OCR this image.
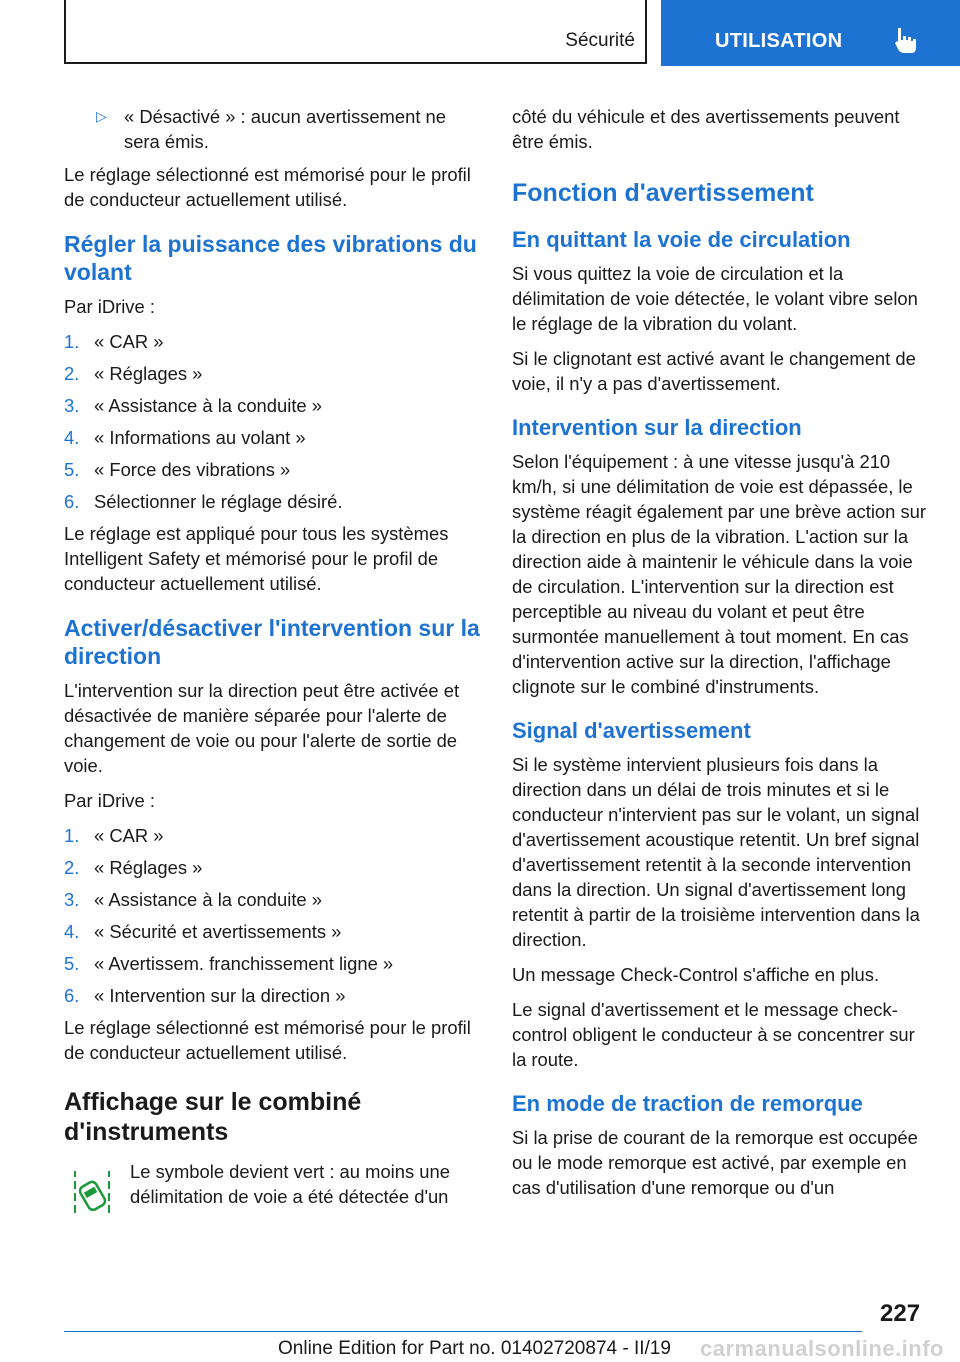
Sécurité	UTILISATION
▷ « Désactivé » : aucun avertissement ne sera émis.

Le réglage sélectionné est mémorisé pour le profil de conducteur actuellement utilisé.

Régler la puissance des vibrations du volant

Par iDrive :

1. « CAR »
2. « Réglages »
3. « Assistance à la conduite »
4. « Informations au volant »
5. « Force des vibrations »
6. Sélectionner le réglage désiré.

Le réglage est appliqué pour tous les systèmes Intelligent Safety et mémorisé pour le profil de conducteur actuellement utilisé.

Activer/désactiver l'intervention sur la direction

L'intervention sur la direction peut être activée et désactivée de manière séparée pour l'alerte de changement de voie ou pour l'alerte de sortie de voie.

Par iDrive :

1. « CAR »
2. « Réglages »
3. « Assistance à la conduite »
4. « Sécurité et avertissements »
5. « Avertissem. franchissement ligne »
6. « Intervention sur la direction »

Le réglage sélectionné est mémorisé pour le profil de conducteur actuellement utilisé.

Affichage sur le combiné d'instruments

Le symbole devient vert : au moins une délimitation de voie a été détectée d'un

côté du véhicule et des avertissements peuvent être émis.

Fonction d'avertissement
En quittant la voie de circulation

Si vous quittez la voie de circulation et la délimitation de voie détectée, le volant vibre selon le réglage de la vibration du volant.

Si le clignotant est activé avant le changement de voie, il n'y a pas d'avertissement.

Intervention sur la direction

Selon l'équipement : à une vitesse jusqu'à 210 km/h, si une délimitation de voie est dépassée, le système réagit également par une brève action sur la direction en plus de la vibration. L'action sur la direction aide à maintenir le véhicule dans la voie de circulation. L'intervention sur la direction est perceptible au niveau du volant et peut être surmontée manuellement à tout moment. En cas d'intervention active sur la direction, l'affichage clignote sur le combiné d'instruments.

Signal d'avertissement

Si le système intervient plusieurs fois dans la direction dans un délai de trois minutes et si le conducteur n'intervient pas sur le volant, un signal d'avertissement acoustique retentit. Un bref signal d'avertissement retentit à la seconde intervention dans la direction. Un signal d'avertissement long retentit à partir de la troisième intervention dans la direction.

Un message Check-Control s'affiche en plus.

Le signal d'avertissement et le message check-control obligent le conducteur à se concentrer sur la route.

En mode de traction de remorque

Si la prise de courant de la remorque est occupée ou le mode remorque est activé, par exemple en cas d'utilisation d'une remorque ou d'un

227
Online Edition for Part no. 01402720874 - II/19 carmanualsonline.info
